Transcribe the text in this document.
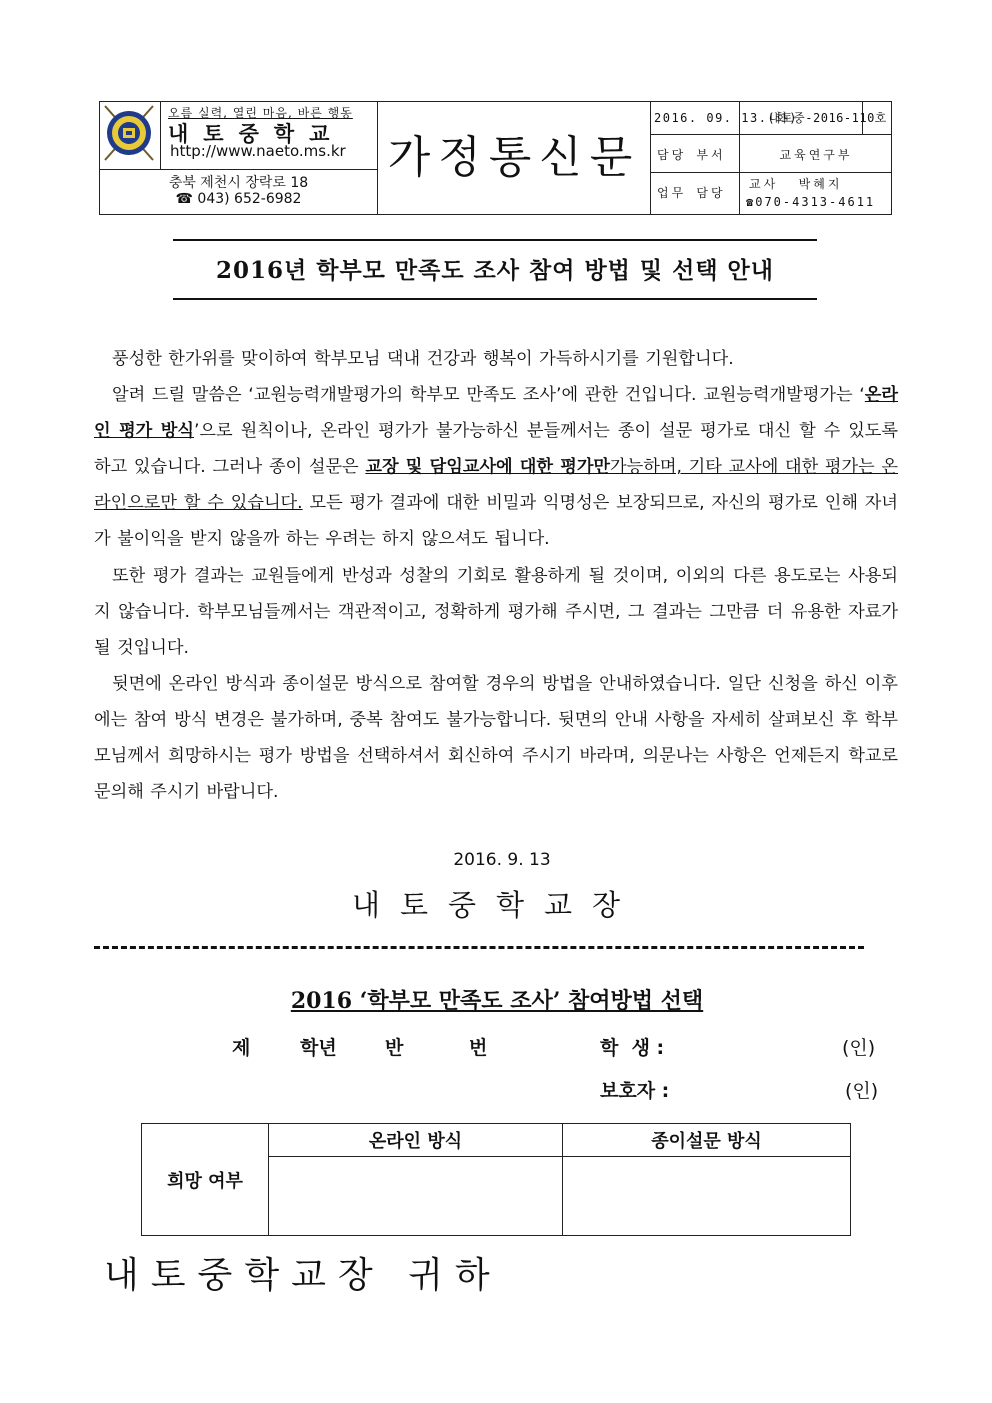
오름 실력, 열린 마음, 바른 행동
내토중학교
http://www.naeto.ms.kr
충북 제천시 장락로 18
☎ 043) 652-6982
가정통신문
2016. 09. 13.(화)
내토중-2016-110호
담당 부서	교육연구부
업무 담당
교사  박혜지
☎070-4313-4611
2016년 학부모 만족도 조사 참여 방법 및 선택 안내

풍성한 한가위를 맞이하여 학부모님 댁내 건강과 행복이 가득하시기를 기원합니다.

알려 드릴 말씀은 ‘교원능력개발평가의 학부모 만족도 조사’에 관한 건입니다. 교원능력개발평가는 ‘온라인 평가 방식’으로 원칙이나, 온라인 평가가 불가능하신 분들께서는 종이 설문 평가로 대신 할 수 있도록 하고 있습니다. 그러나 종이 설문은 교장 및 담임교사에 대한 평가만가능하며, 기타 교사에 대한 평가는 온라인으로만 할 수 있습니다. 모든 평가 결과에 대한 비밀과 익명성은 보장되므로, 자신의 평가로 인해 자녀가 불이익을 받지 않을까 하는 우려는 하지 않으셔도 됩니다.

또한 평가 결과는 교원들에게 반성과 성찰의 기회로 활용하게 될 것이며, 이외의 다른 용도로는 사용되지 않습니다. 학부모님들께서는 객관적이고, 정확하게 평가해 주시면, 그 결과는 그만큼 더 유용한 자료가 될 것입니다.

뒷면에 온라인 방식과 종이설문 방식으로 참여할 경우의 방법을 안내하였습니다. 일단 신청을 하신 이후에는 참여 방식 변경은 불가하며, 중복 참여도 불가능합니다. 뒷면의 안내 사항을 자세히 살펴보신 후 학부모님께서 희망하시는 평가 방법을 선택하셔서 회신하여 주시기 바라며, 의문나는 사항은 언제든지 학교로 문의해 주시기 바랍니다.

2016. 9. 13
내토중학교장
2016 ‘학부모 만족도 조사’ 참여방법 선택
제	학년	반	번	학  생 :	(인)
보호자 :	(인)
희망 여부	온라인 방식	종이설문 방식

내토중학교장 귀하
